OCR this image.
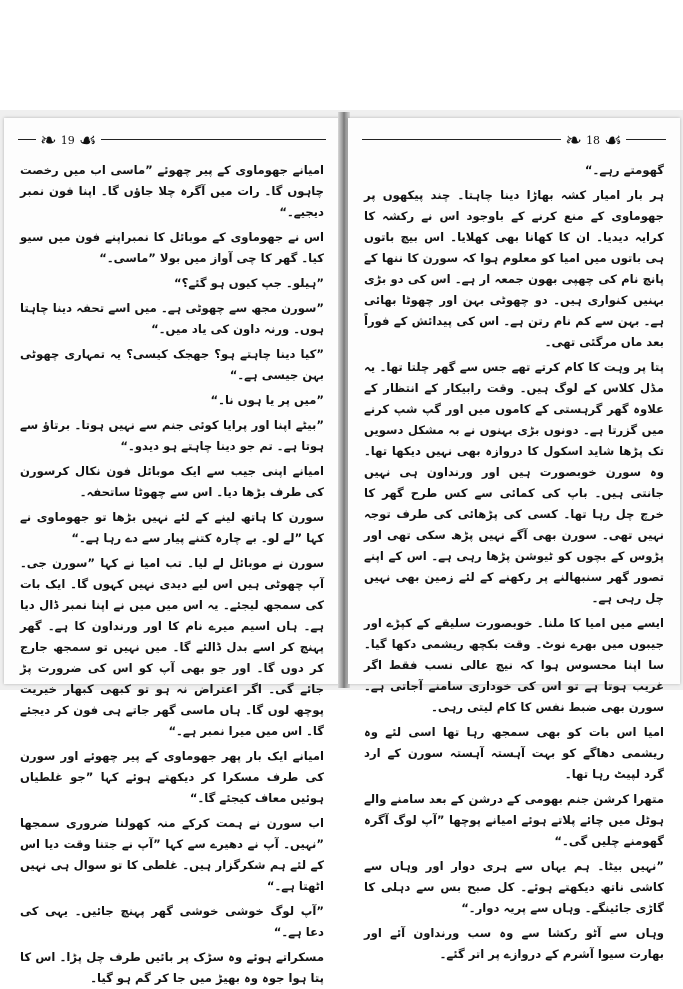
❧ 19 ☙

امیانے جھوماوی کے پیر چھوئے ”ماسی اب میں رخصت چاہوں گا۔ رات میں آگرہ چلا جاؤں گا۔ اپنا فون نمبر دیجیے۔“

اس نے جھوماوی کے موبائل کا نمبراپنے فون میں سیو کیا۔ گھر کا چی آواز میں بولا ”ماسی۔“

”ہیلو۔ جپ کیوں ہو گئے؟“

”سورن مجھ سے چھوٹی ہے۔ میں اسے تحفہ دینا چاہتا ہوں۔ ورنہ داون کی یاد میں۔“

”کیا دینا چاہتے ہو؟ جھجک کیسی؟ یہ تمہاری چھوٹی بہن جیسی ہے۔“

”میں پر یا ہوں نا۔“

”بیٹے اپنا اور پرایا کوئی جنم سے نہیں ہوتا۔ برتاؤ سے ہوتا ہے۔ تم جو دینا چاہتے ہو دیدو۔“

امیانے اپنی جیب سے ایک موبائل فون نکال کرسورن کی طرف بڑھا دیا۔ اس سے چھوٹا ساتحفہ۔

سورن کا ہاتھ لینے کے لئے نہیں بڑھا تو جھوماوی نے کہا ”لے لو۔ بے چارہ کتنے پیار سے دے رہا ہے۔“

سورن نے موبائل لے لیا۔ تب امیا نے کہا ”سورن جی۔ آپ چھوٹی ہیں اس لیے دیدی نہیں کہوں گا۔ ایک بات کی سمجھ لیجئے۔ یہ اس میں میں نے اپنا نمبر ڈال دیا ہے۔ ہاں اسیم میرے نام کا اور ورنداون کا ہے۔ گھر پہنچ کر اسے بدل ڈالئے گا۔ میں نہیں تو سمجھ جارج کر دوں گا۔ اور جو بھی آپ کو اس کی ضرورت پڑ جائے گی۔ اگر اعتراض نہ ہو تو کبھی کبھار خیریت پوچھ لوں گا۔ ہاں ماسی گھر جاتے ہی فون کر دیجئے گا۔ اس میں میرا نمبر ہے۔“

امیانے ایک بار پھر جھوماوی کے پیر چھوئے اور سورن کی طرف مسکرا کر دیکھتے ہوئے کہا ”جو غلطیاں ہوئیں معاف کیجئے گا۔“

اب سورن نے ہمت کرکے منہ کھولنا ضروری سمجھا ”نہیں۔ آپ نے دھیرے سے کہا ”آپ نے جتنا وقت دیا اس کے لئے ہم شکرگزار ہیں۔ غلطی کا تو سوال ہی نہیں اٹھتا ہے۔“

”آپ لوگ خوشی خوشی گھر پہنچ جائیں۔ یہی کی دعا ہے۔“

مسکراتے ہوئے وہ سڑک پر بائیں طرف چل پڑا۔ اس کا پتا ہوا جوہ وہ بھیڑ میں جا کر گم ہو گیا۔

❧ 18 ☙

گھومتے رہے۔“

ہر بار امیار کشہ بھاڑا دینا چاہتا۔ چند پیکھوں پر جھوماوی کے منع کرنے کے باوجود اس نے رکشہ کا کرایہ دیدیا۔ ان کا کھانا بھی کھلایا۔ اس بیچ باتوں ہی باتوں میں امیا کو معلوم ہوا کہ سورن کا ننھا کے پانچ نام کی چھپی بھون جمعہ ار ہے۔ اس کی دو بڑی بہنیں کنواری ہیں۔ دو چھوٹی بہن اور چھوٹا بھائی ہے۔ بہن سے کم نام رتن ہے۔ اس کی پیدائش کے فوراً بعد ماں مرگئی تھی۔

پتا پر وہت کا کام کرتے تھے جس سے گھر چلتا تھا۔ یہ مڈل کلاس کے لوگ ہیں۔ وقت رابیکار کے انتظار کے علاوہ گھر گرہستی کے کاموں میں اور گپ شپ کرنے میں گزرتا ہے۔ دونوں بڑی بہنوں نے بہ مشکل دسویں تک پڑھا شاید اسکول کا دروازہ بھی نہیں دیکھا تھا۔ وہ سورن خوبصورت ہیں اور ورنداون ہی نہیں جانتی ہیں۔ باپ کی کمائی سے کس طرح گھر کا خرچ چل رہا تھا۔ کسی کی پڑھائی کی طرف توجہ نہیں تھی۔ سورن بھی آگے نہیں پڑھ سکی تھی اور پڑوس کے بچوں کو ٹیوشن پڑھا رہی ہے۔ اس کے اپنے تصور گھر سنبھالنے پر رکھنے کے لئے زمین بھی نہیں چل رہی ہے۔

ایسے میں امیا کا ملنا۔ خوبصورت سلیقے کے کپڑے اور جیبوں میں بھرے نوٹ۔ وقت بکچھ ریشمی دکھا گیا۔ سا اپنا محسوس ہوا کہ نیچ عالی نسب فقط اگر غریب ہوتا ہے تو اس کی خوداری سامنے آجاتی ہے۔ سورن بھی ضبط نفس کا کام لیتی رہی۔

امیا اس بات کو بھی سمجھ رہا تھا اسی لئے وہ ریشمی دھاگے کو بہت آہستہ آہستہ سورن کے ارد گرد لپیٹ رہا تھا۔

متھرا کرشن جنم بھومی کے درشن کے بعد سامنے والے ہوٹل میں چائے پلاتے ہوئے امیانے پوچھا ”آپ لوگ آگرہ گھومنے چلیں گی۔“

”نہیں بیٹا۔ ہم یہاں سے ہری دوار اور وہاں سے کاشی ناتھ دیکھتے ہوئے۔ کل صبح بس سے دہلی کا گاڑی جائینگے۔ وہاں سے پریہ دوار۔“

وہاں سے آٹو رکشا سے وہ سب ورنداون آئے اور بھارت سیوا آشرم کے دروازے پر اتر گئے۔
